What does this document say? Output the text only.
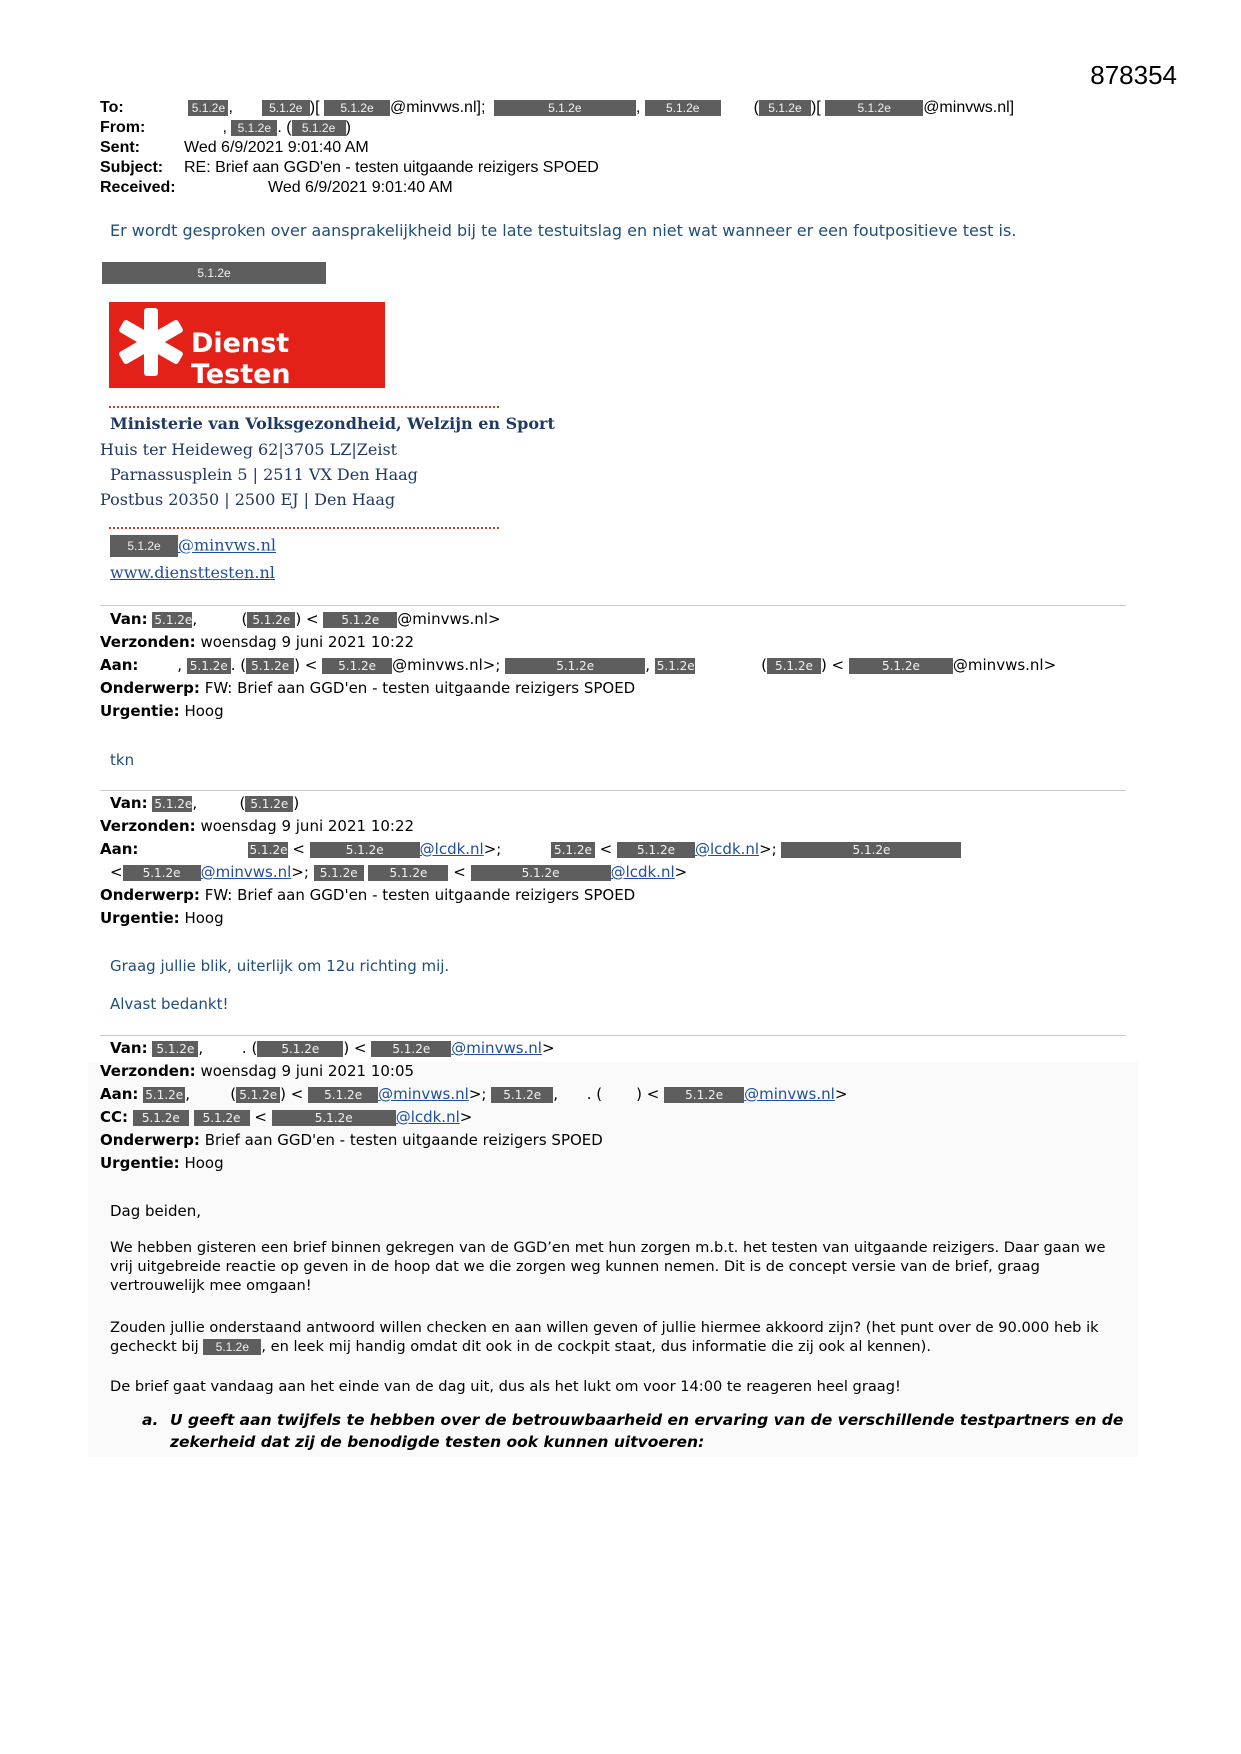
878354
To:	5.1.2e ,	5.1.2e )[ 5.1.2e @minvws.nl];	5.1.2e	, 5.1.2e	( 5.1.2e )[	5.1.2e @minvws.nl]
From:	, 5.1.2e . ( 5.1.2e )
Sent:	Wed 6/9/2021 9:01:40 AM
Subject: RE: Brief aan GGD'en - testen uitgaande reizigers SPOED
Received:	Wed 6/9/2021 9:01:40 AM
Er wordt gesproken over aansprakelijkheid bij te late testuitslag en niet wat wanneer er een foutpositieve test is.
5.1.2e
Dienst Testen
Ministerie van Volksgezondheid, Welzijn en Sport
Huis ter Heideweg 62|3705 LZ|Zeist
Parnassusplein 5 | 2511 VX Den Haag
Postbus 20350 | 2500 EJ | Den Haag
5.1.2e @minvws.nl
www.diensttesten.nl
Van: 5.1.2e,   ( 5.1.2e ) < 5.1.2e @minvws.nl>
Verzonden: woensdag 9 juni 2021 10:22
Aan:	, 5.1.2e . ( 5.1.2e ) < 5.1.2e @minvws.nl>;	5.1.2e	, 5.1.2e	( 5.1.2e ) <	5.1.2e @minvws.nl>
Onderwerp: FW: Brief aan GGD'en - testen uitgaande reizigers SPOED
Urgentie: Hoog
tkn
Van: 5.1.2e,   ( 5.1.2e )
Verzonden: woensdag 9 juni 2021 10:22
Aan:	5.1.2e <	5.1.2e @lcdk.nl>;	5.1.2e < 5.1.2e @lcdk.nl>;	5.1.2e
< 5.1.2e @minvws.nl>; 5.1.2e	5.1.2e <	5.1.2e	@lcdk.nl>
Onderwerp: FW: Brief aan GGD'en - testen uitgaande reizigers SPOED
Urgentie: Hoog
Graag jullie blik, uiterlijk om 12u richting mij.
Alvast bedankt!
Van: 5.1.2e , . ( 5.1.2e ) < 5.1.2e @minvws.nl>
Verzonden: woensdag 9 juni 2021 10:05
Aan: 5.1.2e ,   ( 5.1.2e ) < 5.1.2e @minvws.nl>; 5.1.2e , . ( ) < 5.1.2e @minvws.nl>
CC: 5.1.2e 5.1.2e <	5.1.2e	@lcdk.nl>
Onderwerp: Brief aan GGD'en - testen uitgaande reizigers SPOED
Urgentie: Hoog
Dag beiden,
We hebben gisteren een brief binnen gekregen van de GGD’en met hun zorgen m.b.t. het testen van uitgaande reizigers. Daar gaan we vrij uitgebreide reactie op geven in de hoop dat we die zorgen weg kunnen nemen. Dit is de concept versie van de brief, graag vertrouwelijk mee omgaan!
Zouden jullie onderstaand antwoord willen checken en aan willen geven of jullie hiermee akkoord zijn? (het punt over de 90.000 heb ik gecheckt bij 5.1.2e , en leek mij handig omdat dit ook in de cockpit staat, dus informatie die zij ook al kennen).
De brief gaat vandaag aan het einde van de dag uit, dus als het lukt om voor 14:00 te reageren heel graag!
a. U geeft aan twijfels te hebben over de betrouwbaarheid en ervaring van de verschillende testpartners en de zekerheid dat zij de benodigde testen ook kunnen uitvoeren:
